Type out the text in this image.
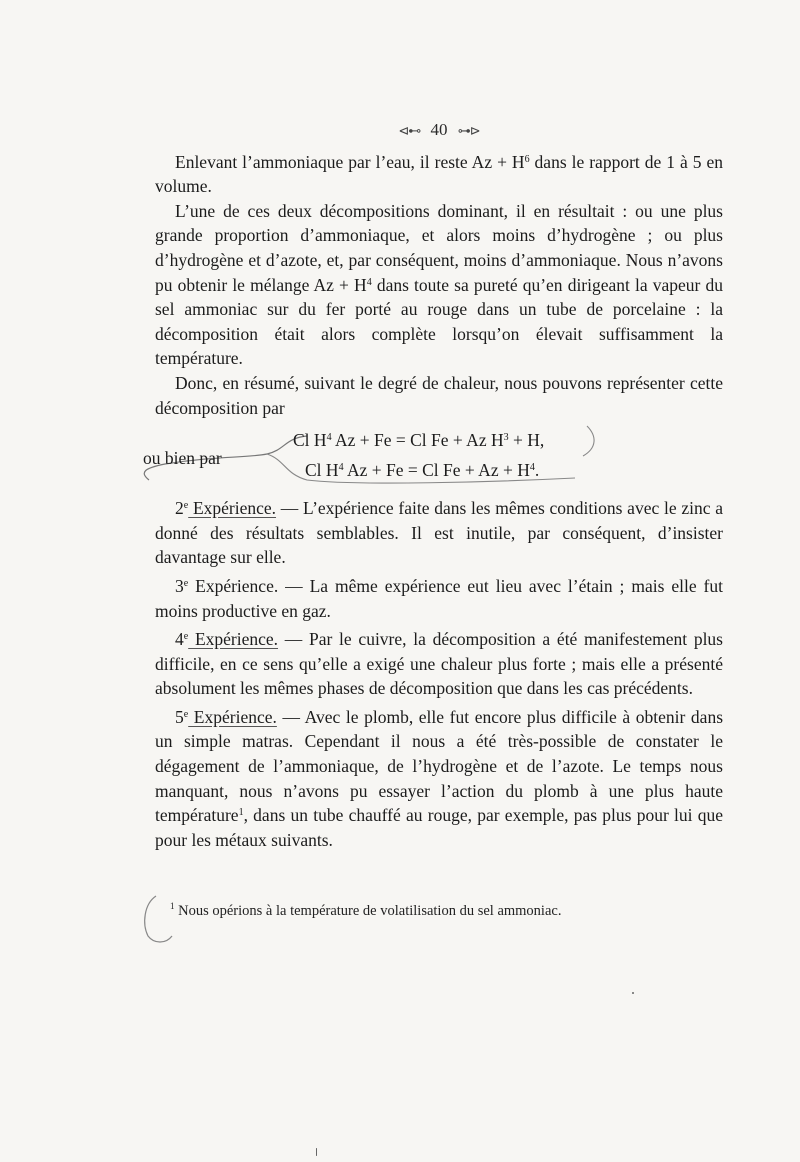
⊲⊷ 40 ⊶⊳

Enlevant l’ammoniaque par l’eau, il reste $Az + H^6$ dans le rapport de 1 à 5 en volume.

L’une de ces deux décompositions dominant, il en résultait : ou une plus grande proportion d’ammoniaque, et alors moins d’hydrogène ; ou plus d’hydrogène et d’azote, et, par conséquent, moins d’ammoniaque. Nous n’avons pu obtenir le mélange $Az + H^4$ dans toute sa pureté qu’en dirigeant la vapeur du sel ammoniac sur du fer porté au rouge dans un tube de porcelaine : la décomposition était alors complète lorsqu’on élevait suffisamment la température.

Donc, en résumé, suivant le degré de chaleur, nous pouvons représenter cette décomposition par

ou bien par
Cl $H^4$ Az + Fe = Cl Fe + Az $H^3 + H$,
Cl $H^4$ Az + Fe = Cl $Fe + Az + H^4$.

2e Expérience. — L’expérience faite dans les mêmes conditions avec le zinc a donné des résultats semblables. Il est inutile, par conséquent, d’insister davantage sur elle.

3e Expérience. — La même expérience eut lieu avec l’étain ; mais elle fut moins productive en gaz.

4e Expérience. — Par le cuivre, la décomposition a été manifestement plus difficile, en ce sens qu’elle a exigé une chaleur plus forte ; mais elle a présenté absolument les mêmes phases de décomposition que dans les cas précédents.

5e Expérience. — Avec le plomb, elle fut encore plus difficile à obtenir dans un simple matras. Cependant il nous a été très-possible de constater le dégagement de l’ammoniaque, de l’hydrogène et de l’azote. Le temps nous manquant, nous n’avons pu essayer l’action du plomb à une plus haute température$^1$, dans un tube chauffé au rouge, par exemple, pas plus pour lui que pour les métaux suivants.

$^1$ Nous opérions à la température de volatilisation du sel ammoniac.
